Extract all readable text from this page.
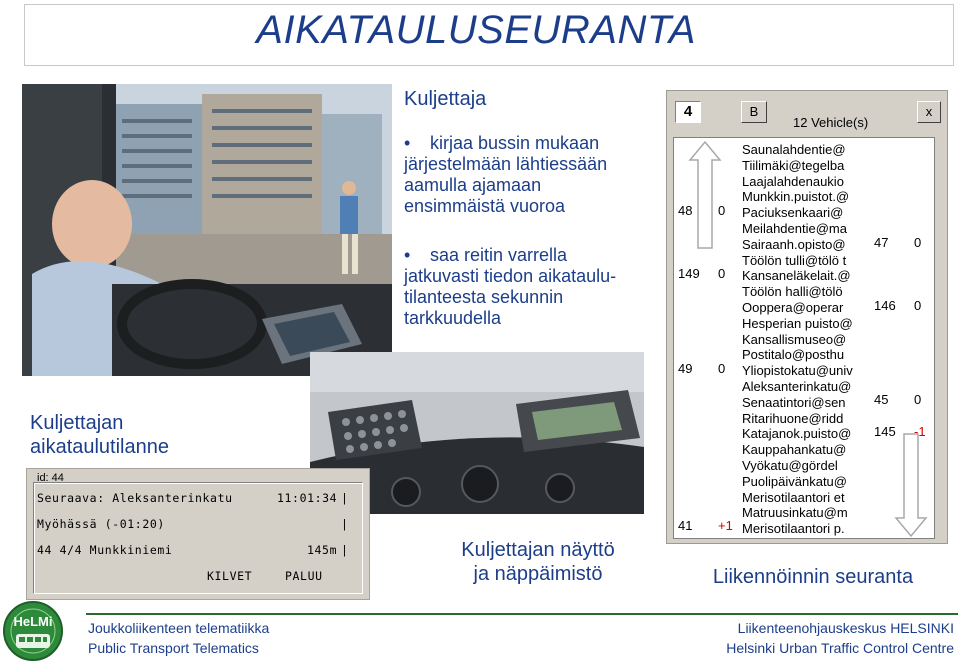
AIKATAULUSEURANTA
Kuljettaja
•	kirjaa bussin mukaan
järjestelmään lähtiessään
aamulla ajamaan
ensimmäistä vuoroa
•	saa reitin varrella
jatkuvasti tiedon aikataulu-
tilanteesta sekunnin
tarkkuudella
4	B
12 Vehicle(s)
x
Saunalahdentie@
Tiilimäki@tegelba
Laajalahdenaukio
Munkkin.puistot.@
Paciuksenkaari@
Meilahdentie@ma
Sairaanh.opisto@
Töölön tulli@tölö t
Kansaneläkelait.@
Töölön halli@tölö
Oopperа@operar
Hesperian puisto@
Kansallismuseo@
Postitalo@posthu
Yliopistokatu@univ
Aleksanterinkatu@
Senaatintori@sen
Ritarihuone@ridd
Katajanok.puisto@
Kauppahankatu@
Vyökatu@gördel
Puolipäivänkatu@
Merisotilaantori et
Matruusinkatu@m
Merisotilaantori p.
48 0
149 0
49 0
41 +1
47 0
146 0
45 0
145 -1
Kuljettajan
aikataulutilanne
id: 44
Seuraava: Aleksanterinkatu	11:01:34 |
Myöhässä (-01:20)	|
44 4/4 Munkkiniemi	145m |
KILVET	PALUU
Kuljettajan näyttö
ja näppäimistö	Liikennöinnin seuranta
HeLMi	Joukkoliikenteen telematiikka
Public Transport Telematics
Liikenteenohjauskeskus HELSINKI
Helsinki Urban Traffic Control Centre
